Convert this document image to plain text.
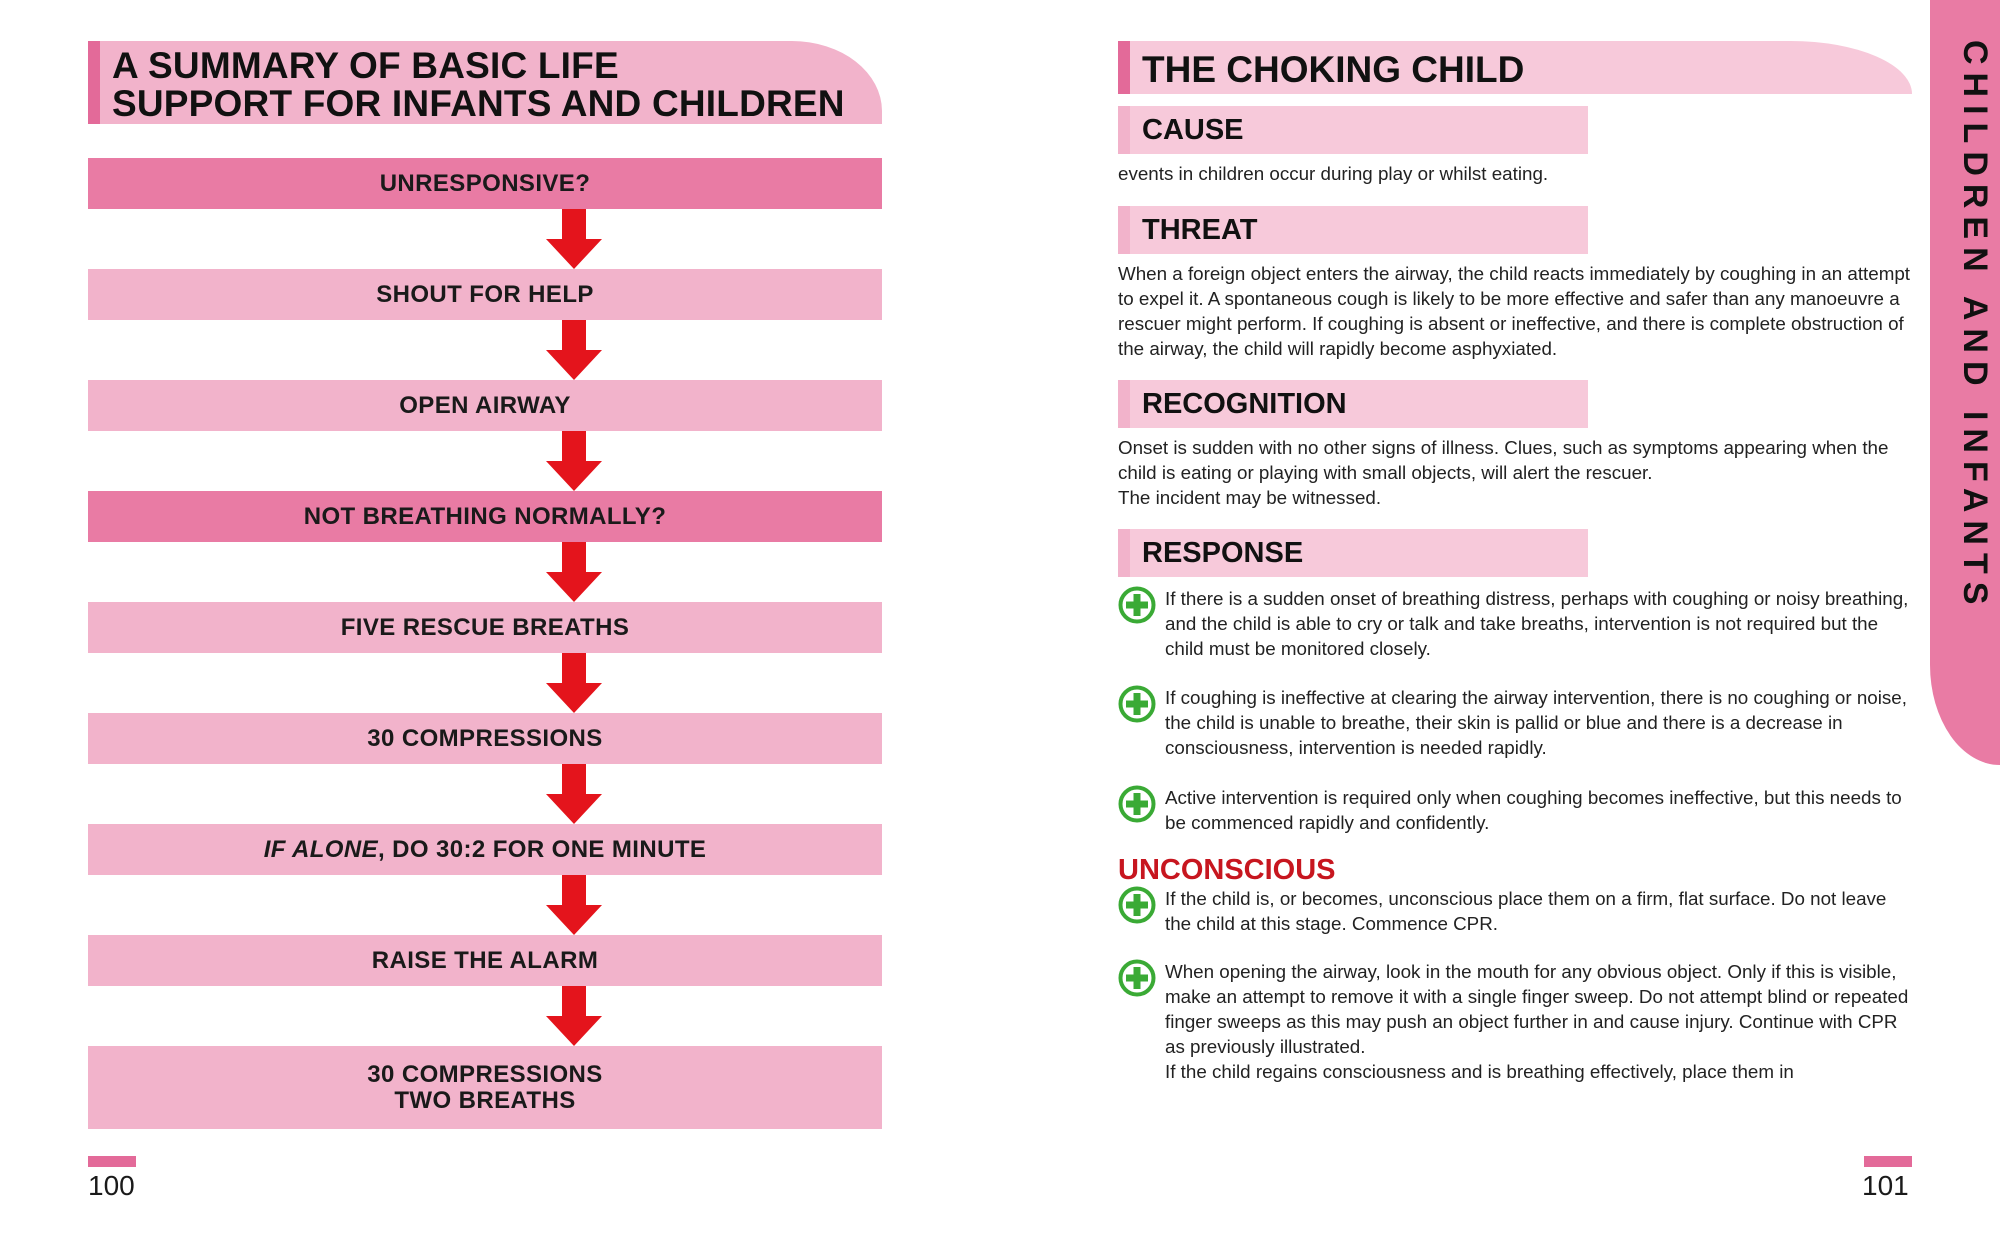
A SUMMARY OF BASIC LIFE
SUPPORT FOR INFANTS AND CHILDREN
UNRESPONSIVE?
SHOUT FOR HELP
OPEN AIRWAY
NOT BREATHING NORMALLY?
FIVE RESCUE BREATHS
30 COMPRESSIONS
IF ALONE , DO 30:2 FOR ONE MINUTE
RAISE THE ALARM
30 COMPRESSIONS
TWO BREATHS
100
THE CHOKING CHILD
CAUSE

events in children occur during play or whilst eating.

THREAT

When a foreign object enters the airway, the child reacts immediately by coughing in an attempt to expel it. A spontaneous cough is likely to be more effective and safer than any manoeuvre a rescuer might perform. If coughing is absent or ineffective, and there is complete obstruction of the airway, the child will rapidly become asphyxiated.

RECOGNITION

Onset is sudden with no other signs of illness. Clues, such as symptoms appearing when the child is eating or playing with small objects, will alert the rescuer.
The incident may be witnessed.

RESPONSE

If there is a sudden onset of breathing distress, perhaps with coughing or noisy breathing, and the child is able to cry or talk and take breaths, intervention is not required but the child must be monitored closely.

If coughing is ineffective at clearing the airway intervention, there is no coughing or noise, the child is unable to breathe, their skin is pallid or blue and there is a decrease in consciousness, intervention is needed rapidly.

Active intervention is required only when coughing becomes ineffective, but this needs to be commenced rapidly and confidently.

UNCONSCIOUS

If the child is, or becomes, unconscious place them on a firm, flat surface. Do not leave the child at this stage. Commence CPR.

When opening the airway, look in the mouth for any obvious object. Only if this is visible, make an attempt to remove it with a single finger sweep. Do not attempt blind or repeated finger sweeps as this may push an object further in and cause injury. Continue with CPR as previously illustrated.
If the child regains consciousness and is breathing effectively, place them in

101
CHILDREN AND INFANTS
